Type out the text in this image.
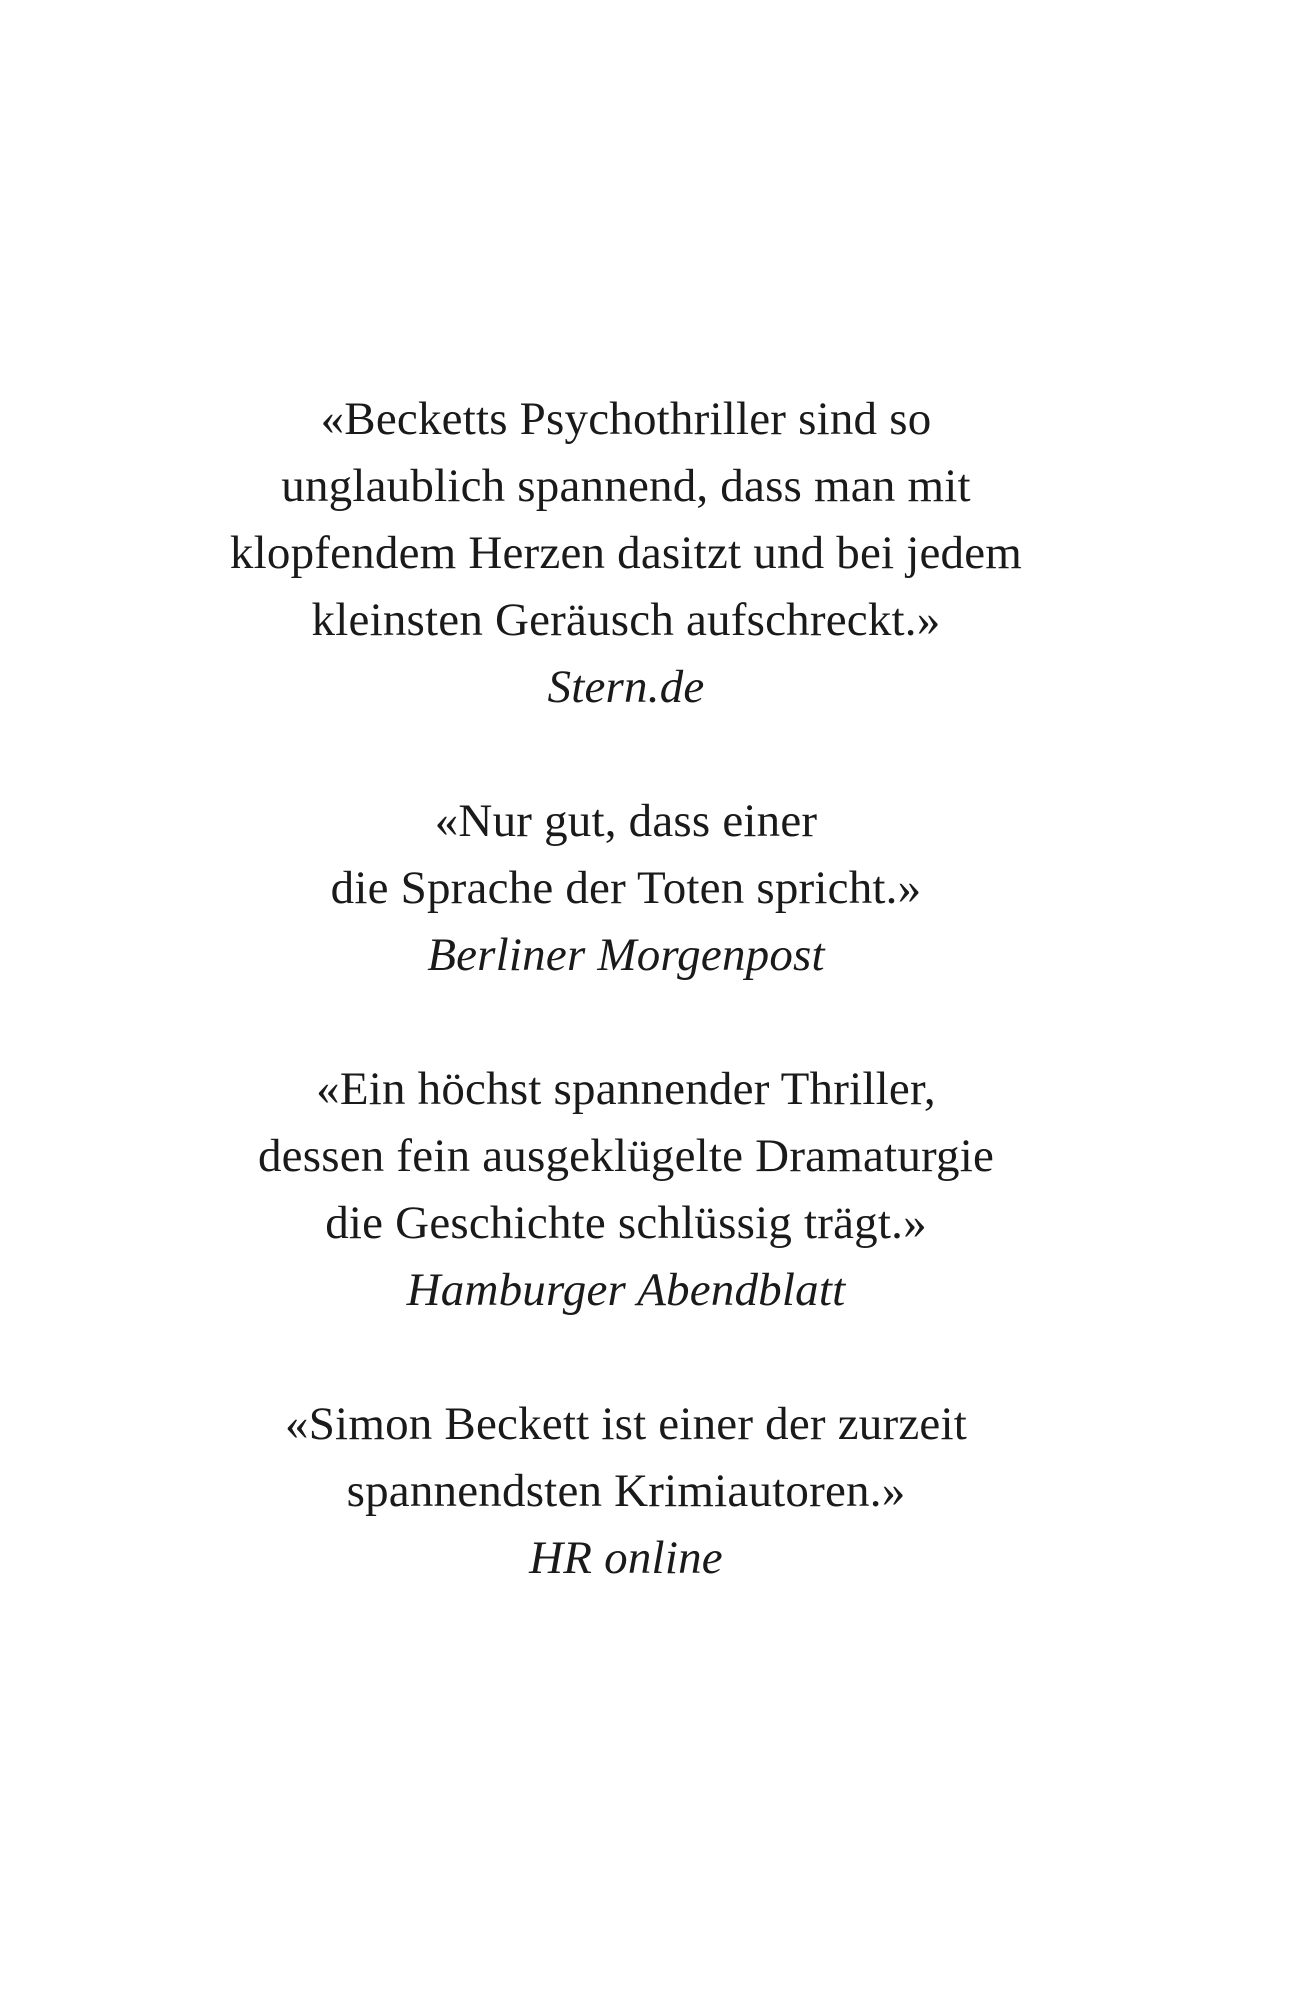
«Becketts Psychothriller sind so
unglaublich spannend, dass man mit
klopfendem Herzen dasitzt und bei jedem
kleinsten Geräusch aufschreckt.»
Stern.de
«Nur gut, dass einer
die Sprache der Toten spricht.»
Berliner Morgenpost
«Ein höchst spannender Thriller,
dessen fein ausgeklügelte Dramaturgie
die Geschichte schlüssig trägt.»
Hamburger Abendblatt
«Simon Beckett ist einer der zurzeit
spannendsten Krimiautoren.»
HR online
